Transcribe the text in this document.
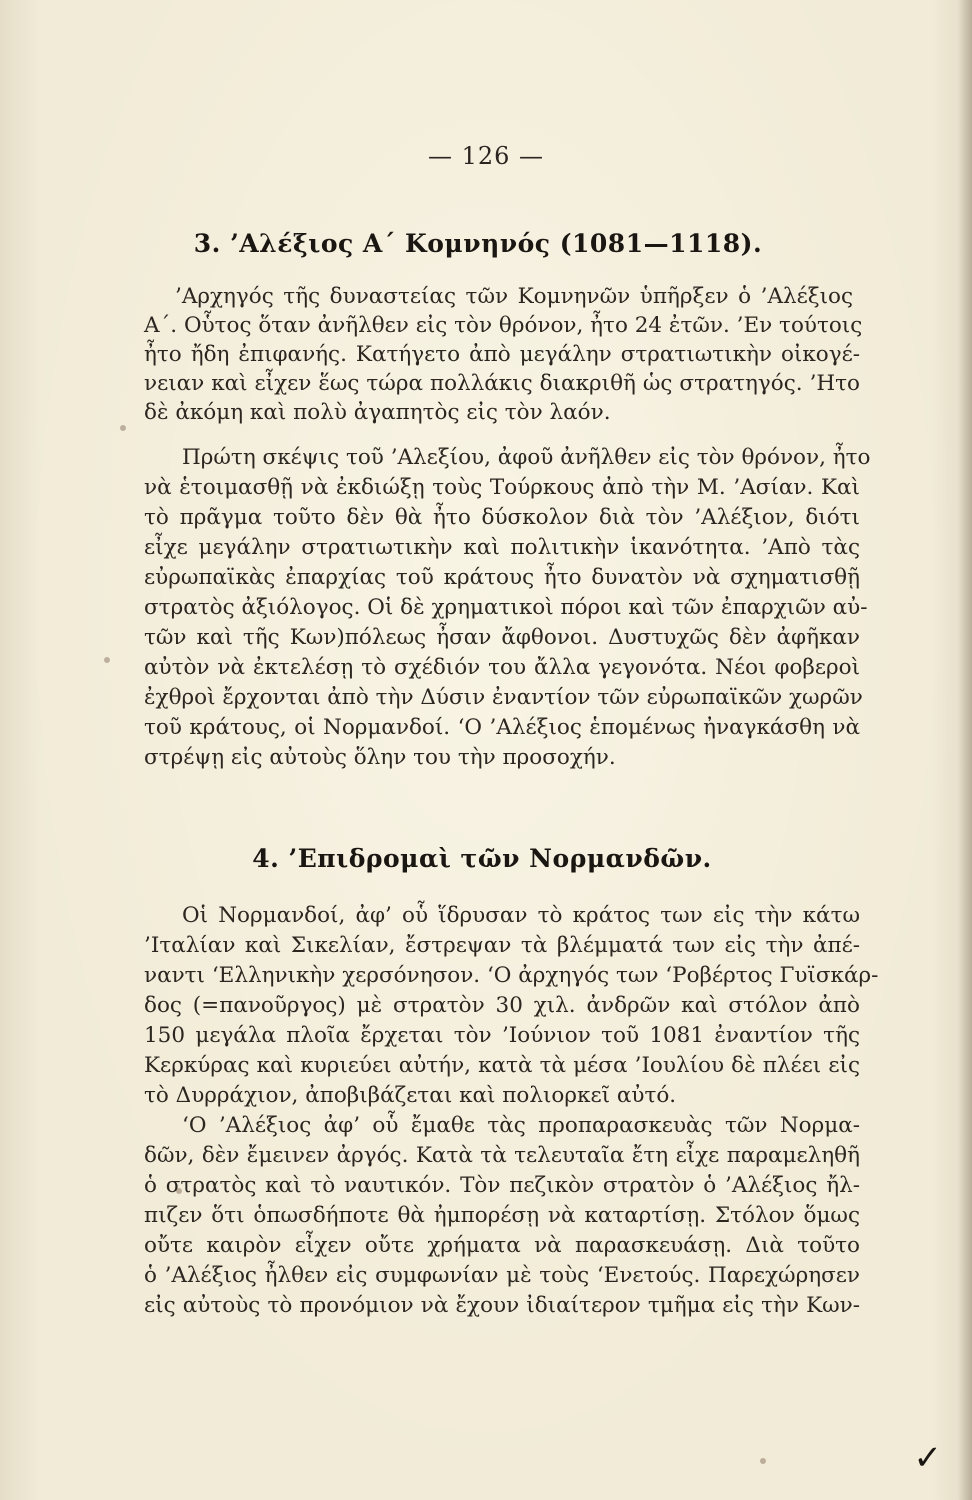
— 126 —
3. ’Αλέξιος Α΄ Κομνηνός (1081—1118).
’Αρχηγός τῆς δυναστείας τῶν Κομνηνῶν ὑπῆρξεν ὁ ’Αλέξιος
Α΄. Οὗτος ὅταν ἀνῆλθεν εἰς τὸν θρόνον, ἦτο 24 ἐτῶν. ’Εν τούτοις
ἦτο ἤδη ἐπιφανής. Κατήγετο ἀπὸ μεγάλην στρατιωτικὴν οἰκογέ-
νειαν καὶ εἶχεν ἕως τώρα πολλάκις διακριθῆ ὡς στρατηγός. ’Ητο
δὲ ἀκόμη καὶ πολὺ ἀγαπητὸς εἰς τὸν λαόν.
Πρώτη σκέψις τοῦ ’Αλεξίου, ἀφοῦ ἀνῆλθεν εἰς τὸν θρόνον, ἦτο
νὰ ἑτοιμασθῇ νὰ ἐκδιώξῃ τοὺς Τούρκους ἀπὸ τὴν Μ. ’Ασίαν. Καὶ
τὸ πρᾶγμα τοῦτο δὲν θὰ ἦτο δύσκολον διὰ τὸν ’Αλέξιον, διότι
εἶχε μεγάλην στρατιωτικὴν καὶ πολιτικὴν ἱκανότητα. ’Απὸ τὰς
εὐρωπαϊκὰς ἐπαρχίας τοῦ κράτους ἦτο δυνατὸν νὰ σχηματισθῇ
στρατὸς ἀξιόλογος. Οἱ δὲ χρηματικοὶ πόροι καὶ τῶν ἐπαρχιῶν αὐ-
τῶν καὶ τῆς Κων)πόλεως ἦσαν ἄφθονοι. Δυστυχῶς δὲν ἀφῆκαν
αὐτὸν νὰ ἐκτελέσῃ τὸ σχέδιόν του ἄλλα γεγονότα. Νέοι φοβεροὶ
ἐχθροὶ ἔρχονται ἀπὸ τὴν Δύσιν ἐναντίον τῶν εὐρωπαϊκῶν χωρῶν
τοῦ κράτους, οἱ Νορμανδοί. ‘Ο ’Αλέξιος ἑπομένως ἠναγκάσθη νὰ
στρέψῃ εἰς αὐτοὺς ὅλην του τὴν προσοχήν.
4. ’Επιδρομαὶ τῶν Νορμανδῶν.
Οἱ Νορμανδοί, ἀφ’ οὗ ἵδρυσαν τὸ κράτος των εἰς τὴν κάτω
’Ιταλίαν καὶ Σικελίαν, ἔστρεψαν τὰ βλέμματά των εἰς τὴν ἀπέ-
ναντι ‘Ελληνικὴν χερσόνησον. ‘Ο ἀρχηγός των ‘Ροβέρτος Γυϊσκάρ-
δος (=πανοῦργος) μὲ στρατὸν 30 χιλ. ἀνδρῶν καὶ στόλον ἀπὸ
150 μεγάλα πλοῖα ἔρχεται τὸν ’Ιούνιον τοῦ 1081 ἐναντίον τῆς
Κερκύρας καὶ κυριεύει αὐτήν, κατὰ τὰ μέσα ’Ιουλίου δὲ πλέει εἰς
τὸ Δυρράχιον, ἀποβιβάζεται καὶ πολιορκεῖ αὐτό.
‘Ο ’Αλέξιος ἀφ’ οὗ ἔμαθε τὰς προπαρασκευὰς τῶν Νορμα-
δῶν, δὲν ἔμεινεν ἀργός. Κατὰ τὰ τελευταῖα ἔτη εἶχε παραμεληθῆ
ὁ στρατὸς καὶ τὸ ναυτικόν. Τὸν πεζικὸν στρατὸν ὁ ’Αλέξιος ἤλ-
πιζεν ὅτι ὁπωσδήποτε θὰ ἠμπορέσῃ νὰ καταρτίσῃ. Στόλον ὅμως
οὔτε καιρὸν εἶχεν οὔτε χρήματα νὰ παρασκευάσῃ. Διὰ τοῦτο
ὁ ’Αλέξιος ἦλθεν εἰς συμφωνίαν μὲ τοὺς ‘Ενετούς. Παρεχώρησεν
εἰς αὐτοὺς τὸ προνόμιον νὰ ἔχουν ἰδιαίτερον τμῆμα εἰς τὴν Κων-
✓
